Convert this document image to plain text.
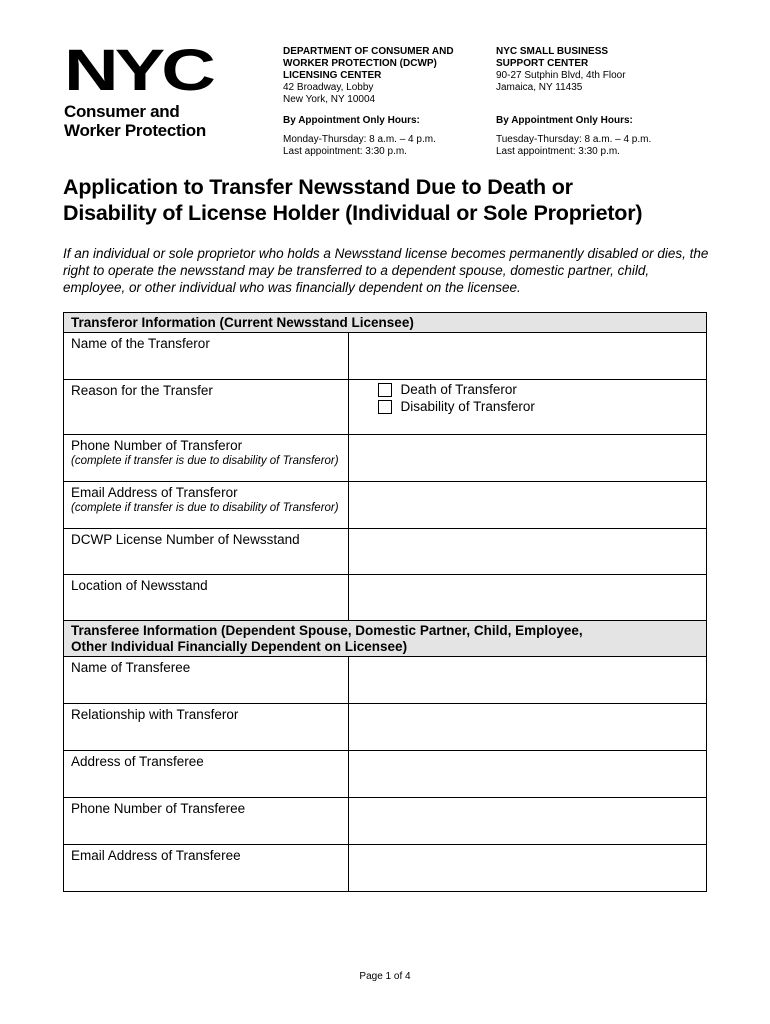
NYC
Consumer and
Worker Protection
DEPARTMENT OF CONSUMER AND
WORKER PROTECTION (DCWP)
LICENSING CENTER
42 Broadway, Lobby
New York, NY 10004
NYC SMALL BUSINESS
SUPPORT CENTER
90-27 Sutphin Blvd, 4th Floor
Jamaica, NY 11435
By Appointment Only Hours:	By Appointment Only Hours:
Monday-Thursday: 8 a.m. – 4 p.m.
Last appointment: 3:30 p.m.
Tuesday-Thursday: 8 a.m. – 4 p.m.
Last appointment: 3:30 p.m.
Application to Transfer Newsstand Due to Death or
Disability of License Holder (Individual or Sole Proprietor)

If an individual or sole proprietor who holds a Newsstand license becomes permanently disabled or dies, the right to operate the newsstand may be transferred to a dependent spouse, domestic partner, child, employee, or other individual who was financially dependent on the licensee.

Transferor Information (Current Newsstand Licensee)	
Name of the Transferor	
Reason for the Transfer	Death of Transferor
Disability of Transferor

Phone Number of Transferor
(complete if transfer is due to disability of Transferor)	

Email Address of Transferor
(complete if transfer is due to disability of Transferor)	

DCWP License Number of Newsstand	
Location of Newsstand	
Transferee Information (Dependent Spouse, Domestic Partner, Child, Employee,
Other Individual Financially Dependent on Licensee)	
Name of Transferee	
Relationship with Transferor	
Address of Transferee	
Phone Number of Transferee	
Email Address of Transferee	
Page 1 of 4
